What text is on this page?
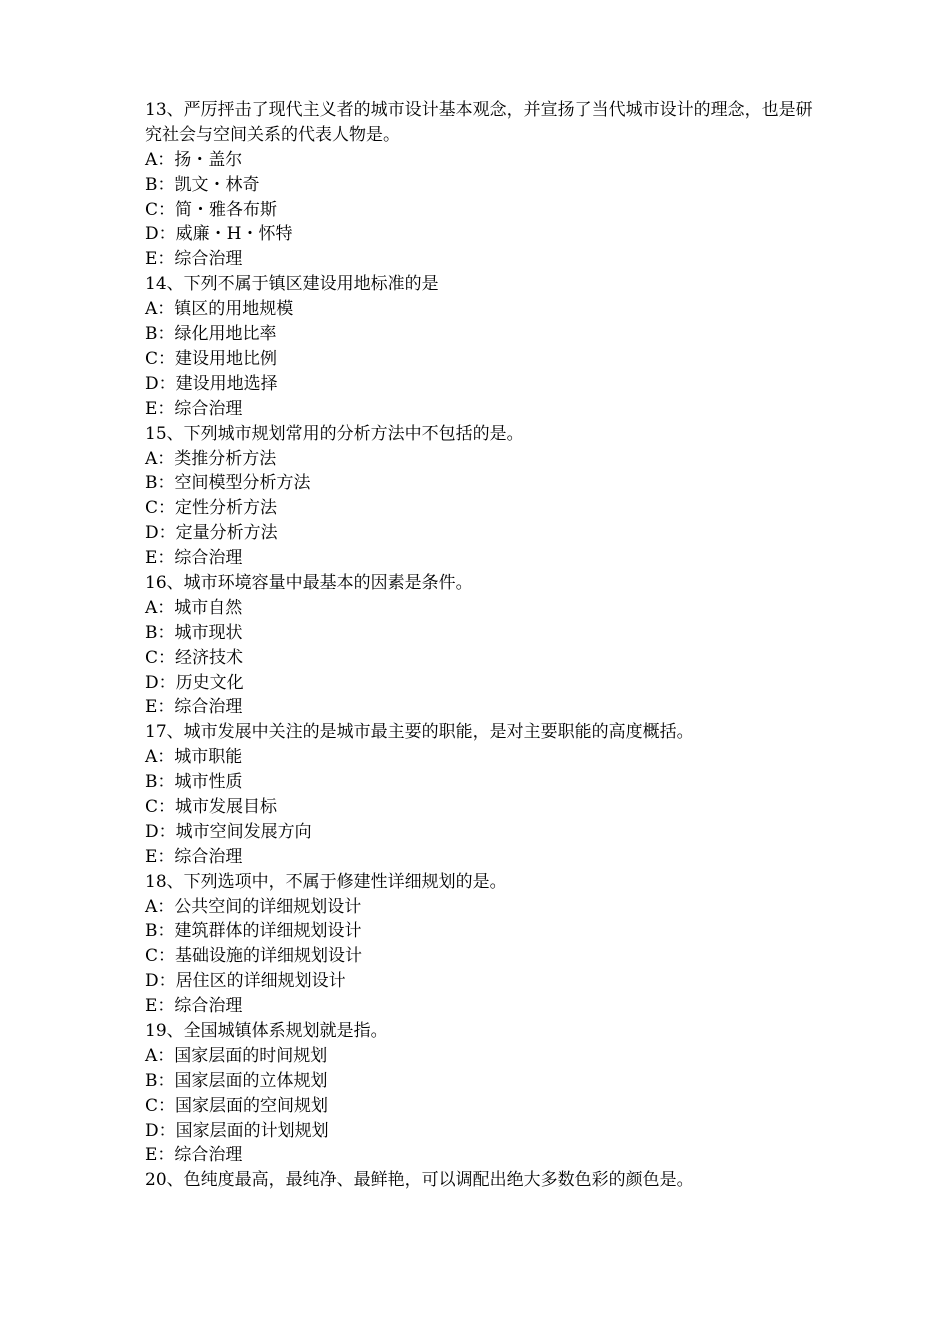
13、严厉抨击了现代主义者的城市设计基本观念，并宣扬了当代城市设计的理念，也是研究社会与空间关系的代表人物是。
A：扬・盖尔
B：凯文・林奇
C：简・雅各布斯
D：威廉・H・怀特
E：综合治理
14、下列不属于镇区建设用地标准的是
A：镇区的用地规模
B：绿化用地比率
C：建设用地比例
D：建设用地选择
E：综合治理
15、下列城市规划常用的分析方法中不包括的是。
A：类推分析方法
B：空间模型分析方法
C：定性分析方法
D：定量分析方法
E：综合治理
16、城市环境容量中最基本的因素是条件。
A：城市自然
B：城市现状
C：经济技术
D：历史文化
E：综合治理
17、城市发展中关注的是城市最主要的职能，是对主要职能的高度概括。
A：城市职能
B：城市性质
C：城市发展目标
D：城市空间发展方向
E：综合治理
18、下列选项中，不属于修建性详细规划的是。
A：公共空间的详细规划设计
B：建筑群体的详细规划设计
C：基础设施的详细规划设计
D：居住区的详细规划设计
E：综合治理
19、全国城镇体系规划就是指。
A：国家层面的时间规划
B：国家层面的立体规划
C：国家层面的空间规划
D：国家层面的计划规划
E：综合治理
20、色纯度最高，最纯净、最鲜艳，可以调配出绝大多数色彩的颜色是。
